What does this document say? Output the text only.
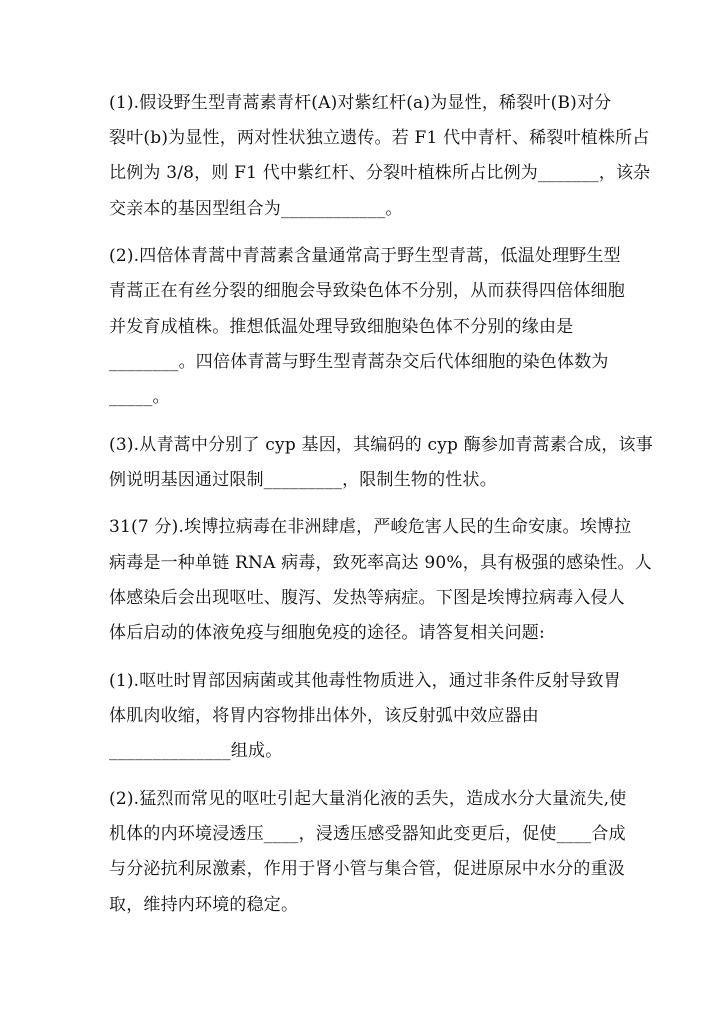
(1).假设野生型青蒿素青杆(A)对紫红杆(a)为显性，稀裂叶(B)对分
裂叶(b)为显性，两对性状独立遗传。若 F1 代中青杆、稀裂叶植株所占
比例为 3/8，则 F1 代中紫红杆、分裂叶植株所占比例为_______，该杂
交亲本的基因型组合为____________。
(2).四倍体青蒿中青蒿素含量通常高于野生型青蒿，低温处理野生型
青蒿正在有丝分裂的细胞会导致染色体不分别，从而获得四倍体细胞
并发育成植株。推想低温处理导致细胞染色体不分别的缘由是
________。四倍体青蒿与野生型青蒿杂交后代体细胞的染色体数为
_____。
(3).从青蒿中分别了 cyp 基因，其编码的 cyp 酶参加青蒿素合成，该事
例说明基因通过限制_________，限制生物的性状。
31(7 分).埃博拉病毒在非洲肆虐，严峻危害人民的生命安康。埃博拉
病毒是一种单链 RNA 病毒，致死率高达 90%，具有极强的感染性。人
体感染后会出现呕吐、腹泻、发热等病症。下图是埃博拉病毒入侵人
体后启动的体液免疫与细胞免疫的途径。请答复相关问题:
(1).呕吐时胃部因病菌或其他毒性物质进入，通过非条件反射导致胃
体肌肉收缩，将胃内容物排出体外，该反射弧中效应器由
______________组成。
(2).猛烈而常见的呕吐引起大量消化液的丢失，造成水分大量流失,使
机体的内环境浸透压____，浸透压感受器知此变更后，促使____合成
与分泌抗利尿激素，作用于肾小管与集合管，促进原尿中水分的重汲
取，维持内环境的稳定。
